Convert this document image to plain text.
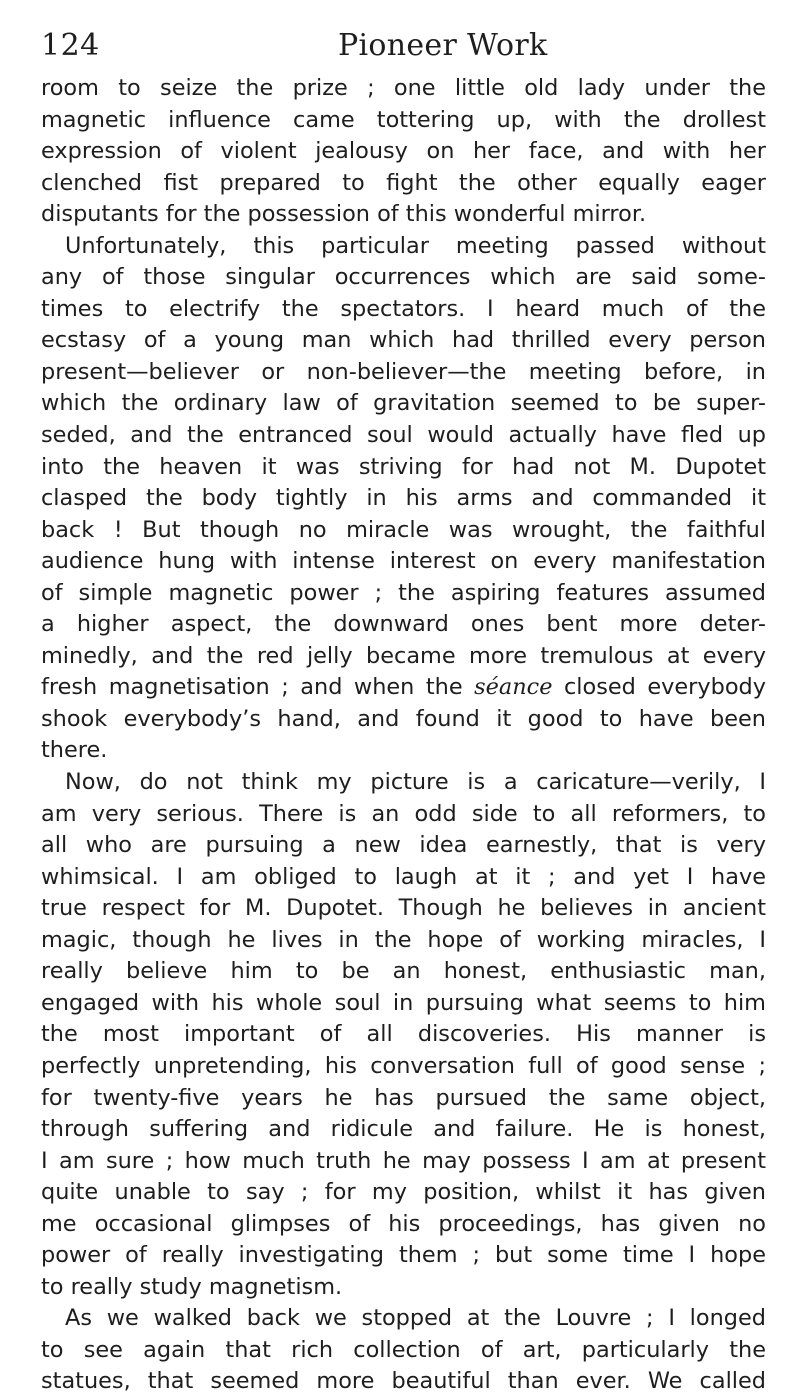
124	Pioneer Work
room to seize the prize ; one little old lady under the
magnetic influence came tottering up, with the drollest
expression of violent jealousy on her face, and with her
clenched fist prepared to fight the other equally eager
disputants for the possession of this wonderful mirror.
Unfortunately, this particular meeting passed without
any of those singular occurrences which are said some-
times to electrify the spectators. I heard much of the
ecstasy of a young man which had thrilled every person
present—believer or non-believer—the meeting before, in
which the ordinary law of gravitation seemed to be super-
seded, and the entranced soul would actually have fled up
into the heaven it was striving for had not M. Dupotet
clasped the body tightly in his arms and commanded it
back ! But though no miracle was wrought, the faithful
audience hung with intense interest on every manifestation
of simple magnetic power ; the aspiring features assumed
a higher aspect, the downward ones bent more deter-
minedly, and the red jelly became more tremulous at every
fresh magnetisation ; and when the séance closed everybody
shook everybody’s hand, and found it good to have been
there.
Now, do not think my picture is a caricature—verily, I
am very serious. There is an odd side to all reformers, to
all who are pursuing a new idea earnestly, that is very
whimsical. I am obliged to laugh at it ; and yet I have
true respect for M. Dupotet. Though he believes in ancient
magic, though he lives in the hope of working miracles, I
really believe him to be an honest, enthusiastic man,
engaged with his whole soul in pursuing what seems to him
the most important of all discoveries. His manner is
perfectly unpretending, his conversation full of good sense ;
for twenty-five years he has pursued the same object,
through suffering and ridicule and failure. He is honest,
I am sure ; how much truth he may possess I am at present
quite unable to say ; for my position, whilst it has given
me occasional glimpses of his proceedings, has given no
power of really investigating them ; but some time I hope
to really study magnetism.
As we walked back we stopped at the Louvre ; I longed
to see again that rich collection of art, particularly the
statues, that seemed more beautiful than ever. We called
